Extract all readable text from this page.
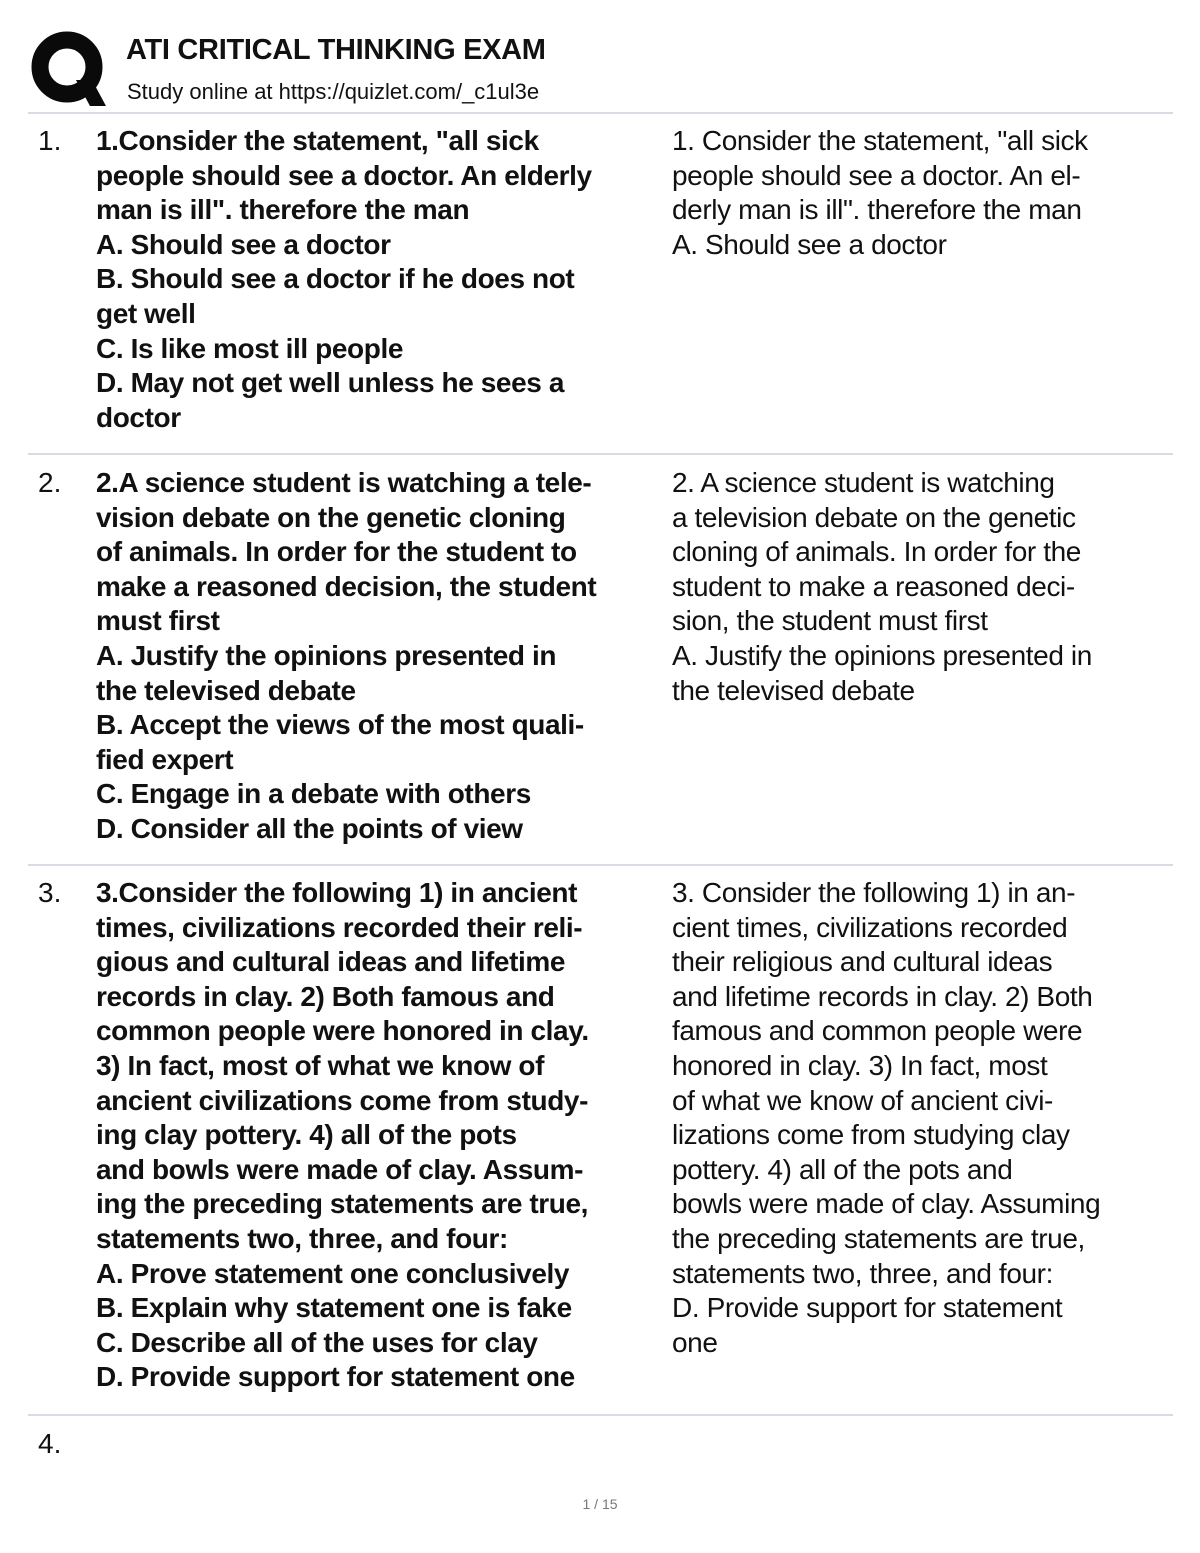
ATI CRITICAL THINKING EXAM
Study online at https://quizlet.com/_c1ul3e
1. 1.Consider the statement, "all sick
people should see a doctor. An elderly
man is ill". therefore the man
A. Should see a doctor
B. Should see a doctor if he does not
get well
C. Is like most ill people
D. May not get well unless he sees a
doctor
1. Consider the statement, "all sick
people should see a doctor. An el-
derly man is ill". therefore the man
A. Should see a doctor
2. 2.A science student is watching a tele-
vision debate on the genetic cloning
of animals. In order for the student to
make a reasoned decision, the student
must first
A. Justify the opinions presented in
the televised debate
B. Accept the views of the most quali-
fied expert
C. Engage in a debate with others
D. Consider all the points of view
2. A science student is watching
a television debate on the genetic
cloning of animals. In order for the
student to make a reasoned deci-
sion, the student must first
A. Justify the opinions presented in
the televised debate
3. 3.Consider the following 1) in ancient
times, civilizations recorded their reli-
gious and cultural ideas and lifetime
records in clay. 2) Both famous and
common people were honored in clay.
3) In fact, most of what we know of
ancient civilizations come from study-
ing clay pottery. 4) all of the pots
and bowls were made of clay. Assum-
ing the preceding statements are true,
statements two, three, and four:
A. Prove statement one conclusively
B. Explain why statement one is fake
C. Describe all of the uses for clay
D. Provide support for statement one
3. Consider the following 1) in an-
cient times, civilizations recorded
their religious and cultural ideas
and lifetime records in clay. 2) Both
famous and common people were
honored in clay. 3) In fact, most
of what we know of ancient civi-
lizations come from studying clay
pottery. 4) all of the pots and
bowls were made of clay. Assuming
the preceding statements are true,
statements two, three, and four:
D. Provide support for statement
one
4.
1 / 15
